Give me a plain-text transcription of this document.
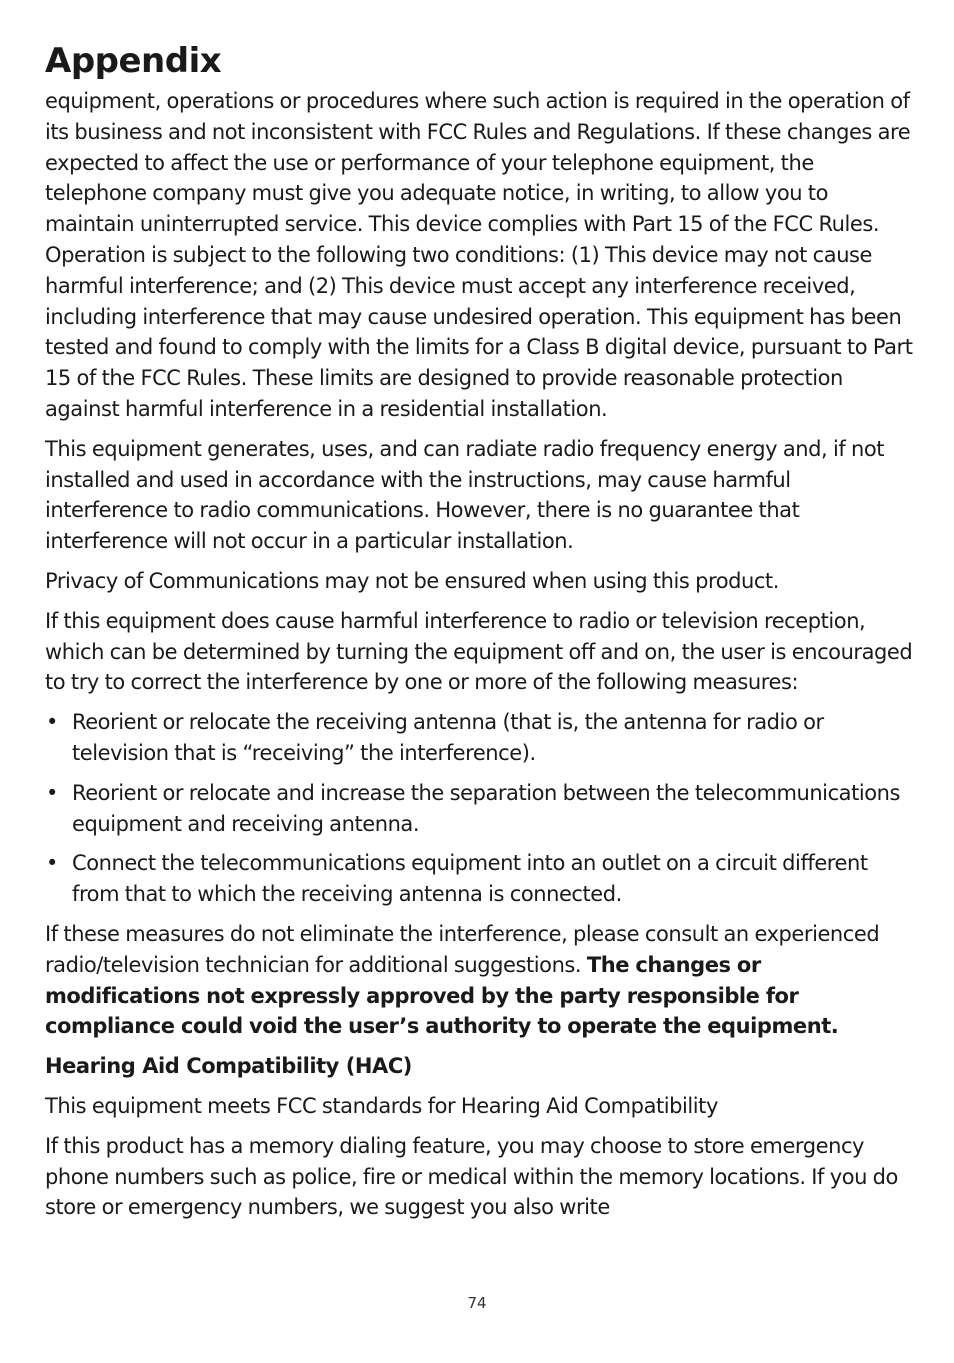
Appendix

equipment, operations or procedures where such action is required in the operation of its business and not inconsistent with FCC Rules and Regulations. If these changes are expected to affect the use or performance of your telephone equipment, the telephone company must give you adequate notice, in writing, to allow you to maintain uninterrupted service. This device complies with Part 15 of the FCC Rules. Operation is subject to the following two conditions: (1) This device may not cause harmful interference; and (2) This device must accept any interference received, including interference that may cause undesired operation. This equipment has been tested and found to comply with the limits for a Class B digital device, pursuant to Part 15 of the FCC Rules. These limits are designed to provide reasonable protection against harmful interference in a residential installation.

This equipment generates, uses, and can radiate radio frequency energy and, if not installed and used in accordance with the instructions, may cause harmful interference to radio communications. However, there is no guarantee that interference will not occur in a particular installation.

Privacy of Communications may not be ensured when using this product.

If this equipment does cause harmful interference to radio or television reception, which can be determined by turning the equipment off and on, the user is encouraged to try to correct the interference by one or more of the following measures:

• Reorient or relocate the receiving antenna (that is, the antenna for radio or television that is “receiving” the interference).
• Reorient or relocate and increase the separation between the telecommunications equipment and receiving antenna.
• Connect the telecommunications equipment into an outlet on a circuit different from that to which the receiving antenna is connected.

If these measures do not eliminate the interference, please consult an experienced radio/television technician for additional suggestions. The changes or modifications not expressly approved by the party responsible for compliance could void the user’s authority to operate the equipment.

Hearing Aid Compatibility (HAC)

This equipment meets FCC standards for Hearing Aid Compatibility

If this product has a memory dialing feature, you may choose to store emergency phone numbers such as police, fire or medical within the memory locations. If you do store or emergency numbers, we suggest you also write

74
